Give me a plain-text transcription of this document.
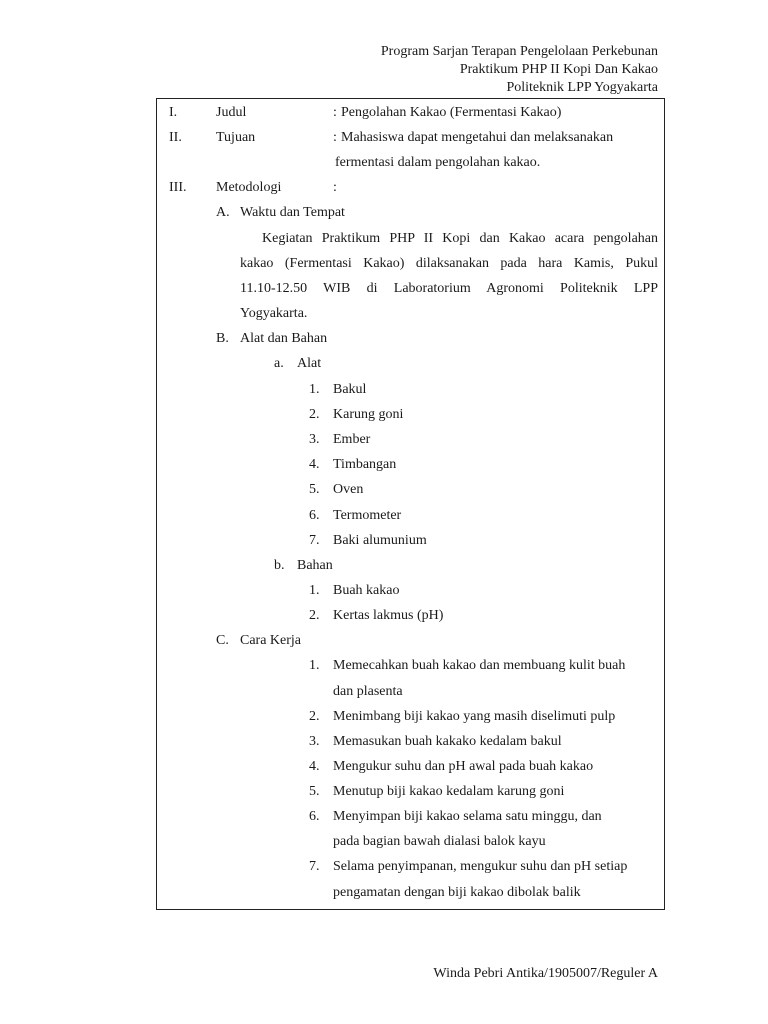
Program Sarjan Terapan Pengelolaan Perkebunan
Praktikum PHP II Kopi Dan Kakao
Politeknik LPP Yogyakarta
I.	Judul	: Pengolahan Kakao (Fermentasi Kakao)
II. Tujuan	: Mahasiswa dapat mengetahui dan melaksanakan
fermentasi dalam pengolahan kakao.
III. Metodologi	:
A. Waktu dan Tempat
Kegiatan Praktikum PHP II Kopi dan Kakao acara pengolahan
kakao (Fermentasi Kakao) dilaksanakan pada hara Kamis, Pukul
11.10-12.50 WIB di Laboratorium Agronomi Politeknik LPP
Yogyakarta.
B. Alat dan Bahan
a. Alat
1. Bakul
2. Karung goni
3. Ember
4. Timbangan
5. Oven
6. Termometer
7. Baki alumunium
b. Bahan
1. Buah kakao
2. Kertas lakmus (pH)
C. Cara Kerja
1. Memecahkan buah kakao dan membuang kulit buah
dan plasenta
2. Menimbang biji kakao yang masih diselimuti pulp
3. Memasukan buah kakako kedalam bakul
4. Mengukur suhu dan pH awal pada buah kakao
5. Menutup biji kakao kedalam karung goni
6. Menyimpan biji kakao selama satu minggu, dan
pada bagian bawah dialasi balok kayu
7. Selama penyimpanan, mengukur suhu dan pH setiap
pengamatan dengan biji kakao dibolak balik
Winda Pebri Antika/1905007/Reguler A
